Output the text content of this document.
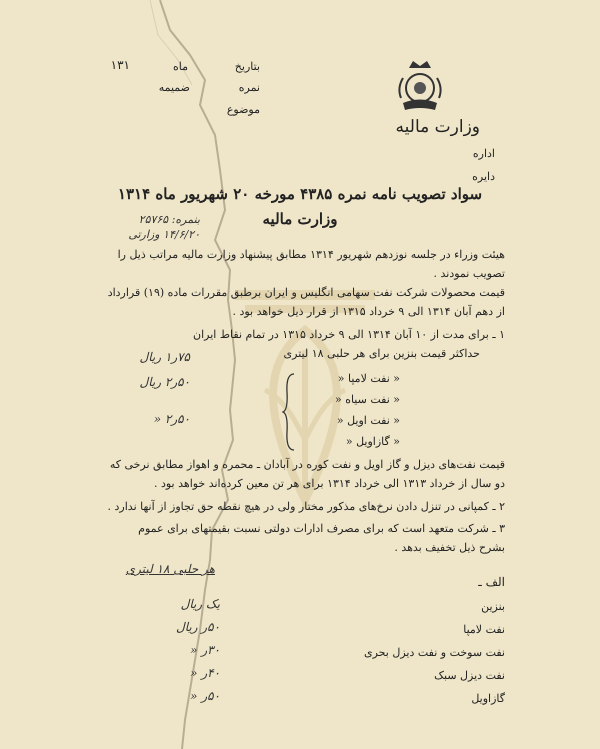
وزارت مالیه
بتاریخ
ماه
۱۳۱
نمره
ضمیمه
موضوع
اداره
دایره
سواد تصویب نامه نمره ۴۳۸۵ مورخه ۲۰ شهریور ماه ۱۳۱۴
وزارت مالیه
بنمره: ۲۵۷۶۵
۱۴/۶/۲۰ وزارتی
هیئت وزراء در جلسه نوزدهم شهریور ۱۳۱۴ مطابق پیشنهاد وزارت مالیه مراتب ذیل را
تصویب نمودند .
قیمت محصولات شرکت نفت سهامی انگلیس و ایران برطبق مقررات ماده (۱۹) قرارداد
از دهم آبان ۱۳۱۴ الی ۹ خرداد ۱۳۱۵ از قرار ذیل خواهد بود .
۱ ـ برای مدت از ۱۰ آبان ۱۳۱۴ الی ۹ خرداد ۱۳۱۵ در تمام نقاط ایران
حداکثر قیمت بنزین برای هر حلبی ۱۸ لیتری
۷۵ر۱ ریال
۵۰ر۲ ریال
۵۰ر۲ «
« نفت لامپا «
« نفت سیاه «
« نفت اویل «
« گازاویل «
قیمت نفت‌های دیزل و گاز اویل و نفت کوره در آبادان ـ محمره و اهواز مطابق نرخی که
دو سال از خرداد ۱۳۱۳ الی خرداد ۱۳۱۴ برای هر تن معین کرده‌اند خواهد بود .
۲ ـ کمپانی در تنزل دادن نرخ‌های مذکور مختار ولی در هیچ نقطه حق تجاوز از آنها ندارد .
۳ ـ شرکت متعهد است که برای مصرف ادارات دولتی نسبت بقیمتهای برای عموم
بشرح ذیل تخفیف بدهد .
هر حلبی ۱۸ لیتری
الف ـ
بنزین
یک ریال
نفت لامپا
۵۰ر ریال
نفت سوخت و نفت دیزل بحری
۳۰ر «
نفت دیزل سبک
۴۰ر «
گازاویل
۵۰ر «
